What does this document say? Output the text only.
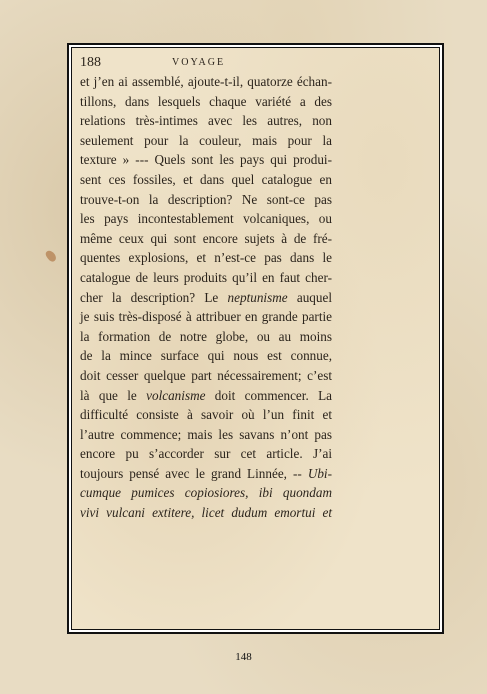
188	VOYAGE
et j’en ai assemblé, ajoute-t-il, quatorze échan-
tillons, dans lesquels chaque variété a des
relations très-intimes avec les autres, non
seulement pour la couleur, mais pour la
texture » --- Quels sont les pays qui produi-
sent ces fossiles, et dans quel catalogue en
trouve-t-on la description? Ne sont-ce pas
les pays incontestablement volcaniques, ou
même ceux qui sont encore sujets à de fré-
quentes explosions, et n’est-ce pas dans le
catalogue de leurs produits qu’il en faut cher-
cher la description? Le neptunisme auquel
je suis très-disposé à attribuer en grande partie
la formation de notre globe, ou au moins
de la mince surface qui nous est connue,
doit cesser quelque part nécessairement; c’est
là que le volcanisme doit commencer. La
difficulté consiste à savoir où l’un finit et
l’autre commence; mais les savans n’ont pas
encore pu s’accorder sur cet article. J’ai
toujours pensé avec le grand Linnée, -- Ubi-
cumque pumices copiosiores, ibi quondam
vivi vulcani extitere, licet dudum emortui et
148
